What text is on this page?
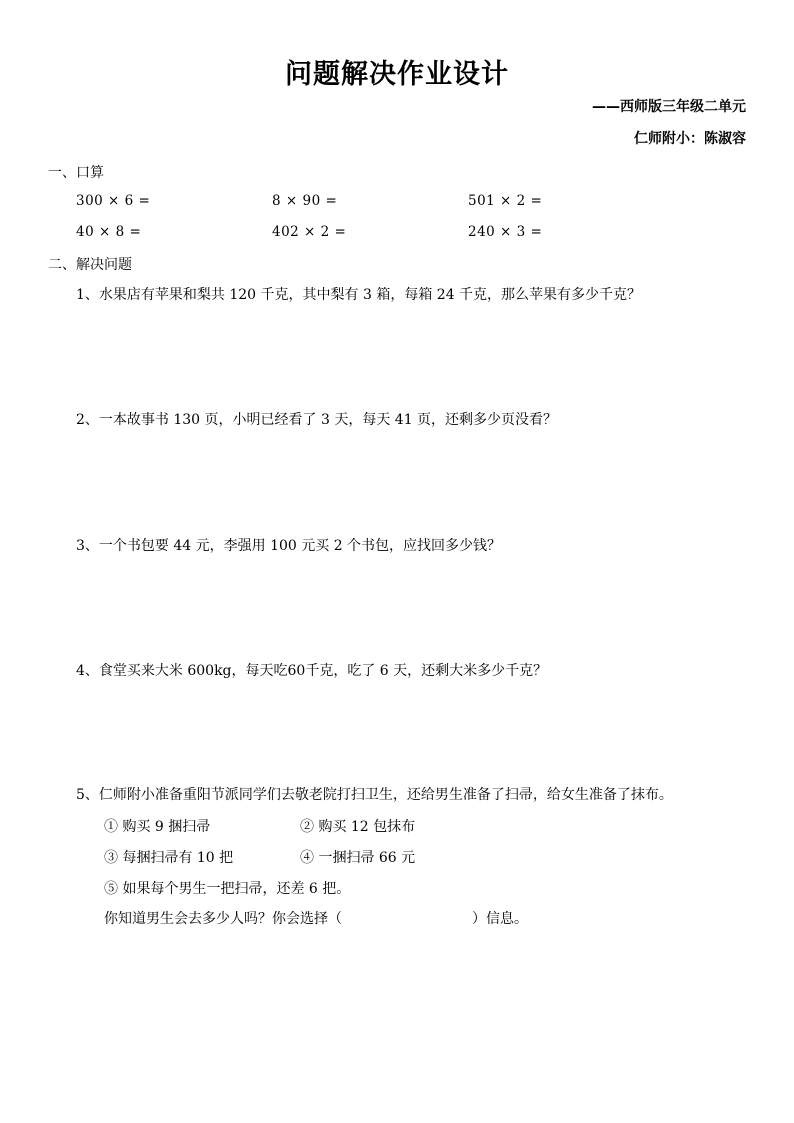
问题解决作业设计
——西师版三年级二单元
仁师附小：陈淑容
一、口算
300 × 6 =	8 × 90 =	501 × 2 =
40 × 8 =	402 × 2 =	240 × 3 =
二、解决问题
1、水果店有苹果和梨共 120 千克，其中梨有 3 箱，每箱 24 千克，那么苹果有多少千克？
2、一本故事书 130 页，小明已经看了 3 天，每天 41 页，还剩多少页没看？
3、一个书包要 44 元，李强用 100 元买 2 个书包，应找回多少钱？
4、食堂买来大米 600kg，每天吃60千克，吃了 6 天，还剩大米多少千克？
5、仁师附小准备重阳节派同学们去敬老院打扫卫生，还给男生准备了扫帚，给女生准备了抹布。
① 购买 9 捆扫帚	② 购买 12 包抹布
③ 每捆扫帚有 10 把	④ 一捆扫帚 66 元
⑤ 如果每个男生一把扫帚，还差 6 把。
你知道男生会去多少人吗？你会选择（	）信息。
